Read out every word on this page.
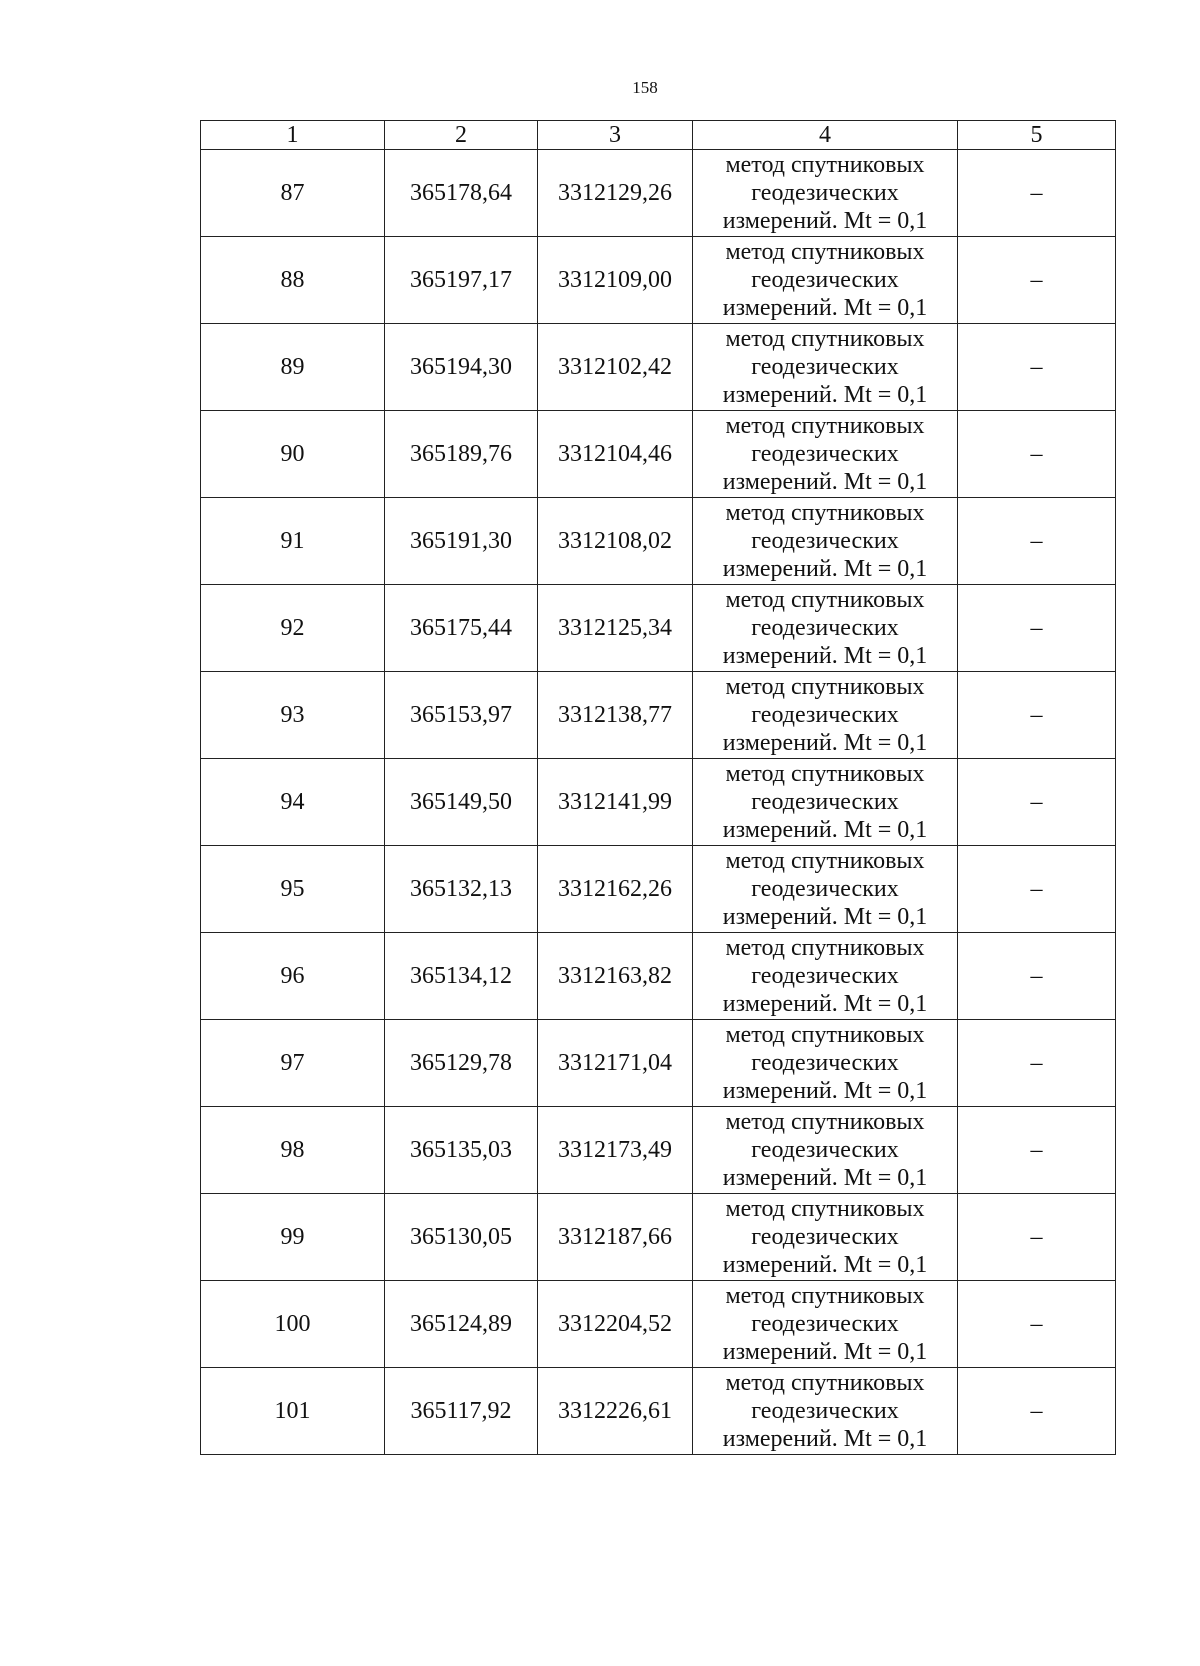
158
1	2	3	4	5
87	365178,64	3312129,26	метод спутниковых
геодезических
измерений. Mt = 0,1	–
88	365197,17	3312109,00	метод спутниковых
геодезических
измерений. Mt = 0,1	–
89	365194,30	3312102,42	метод спутниковых
геодезических
измерений. Mt = 0,1	–
90	365189,76	3312104,46	метод спутниковых
геодезических
измерений. Mt = 0,1	–
91	365191,30	3312108,02	метод спутниковых
геодезических
измерений. Mt = 0,1	–
92	365175,44	3312125,34	метод спутниковых
геодезических
измерений. Mt = 0,1	–
93	365153,97	3312138,77	метод спутниковых
геодезических
измерений. Mt = 0,1	–
94	365149,50	3312141,99	метод спутниковых
геодезических
измерений. Mt = 0,1	–
95	365132,13	3312162,26	метод спутниковых
геодезических
измерений. Mt = 0,1	–
96	365134,12	3312163,82	метод спутниковых
геодезических
измерений. Mt = 0,1	–
97	365129,78	3312171,04	метод спутниковых
геодезических
измерений. Mt = 0,1	–
98	365135,03	3312173,49	метод спутниковых
геодезических
измерений. Mt = 0,1	–
99	365130,05	3312187,66	метод спутниковых
геодезических
измерений. Mt = 0,1	–
100	365124,89	3312204,52	метод спутниковых
геодезических
измерений. Mt = 0,1	–
101	365117,92	3312226,61	метод спутниковых
геодезических
измерений. Mt = 0,1	–
